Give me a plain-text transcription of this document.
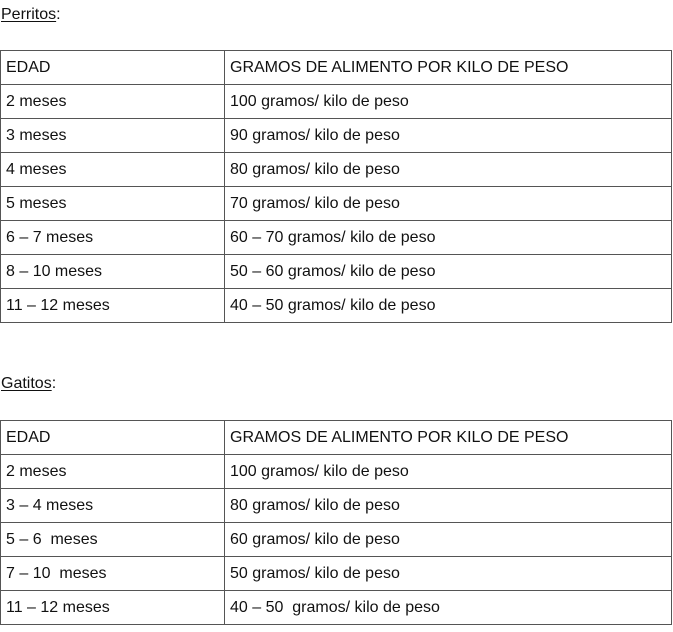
Perritos:
EDAD	GRAMOS DE ALIMENTO POR KILO DE PESO
2 meses	100 gramos/ kilo de peso
3 meses	90 gramos/ kilo de peso
4 meses	80 gramos/ kilo de peso
5 meses	70 gramos/ kilo de peso
6 – 7 meses	60 – 70 gramos/ kilo de peso
8 – 10 meses	50 – 60 gramos/ kilo de peso
11 – 12 meses	40 – 50 gramos/ kilo de peso
Gatitos:
EDAD	GRAMOS DE ALIMENTO POR KILO DE PESO
2 meses	100 gramos/ kilo de peso
3 – 4 meses	80 gramos/ kilo de peso
5 – 6  meses	60 gramos/ kilo de peso
7 – 10  meses	50 gramos/ kilo de peso
11 – 12 meses	40 – 50  gramos/ kilo de peso
